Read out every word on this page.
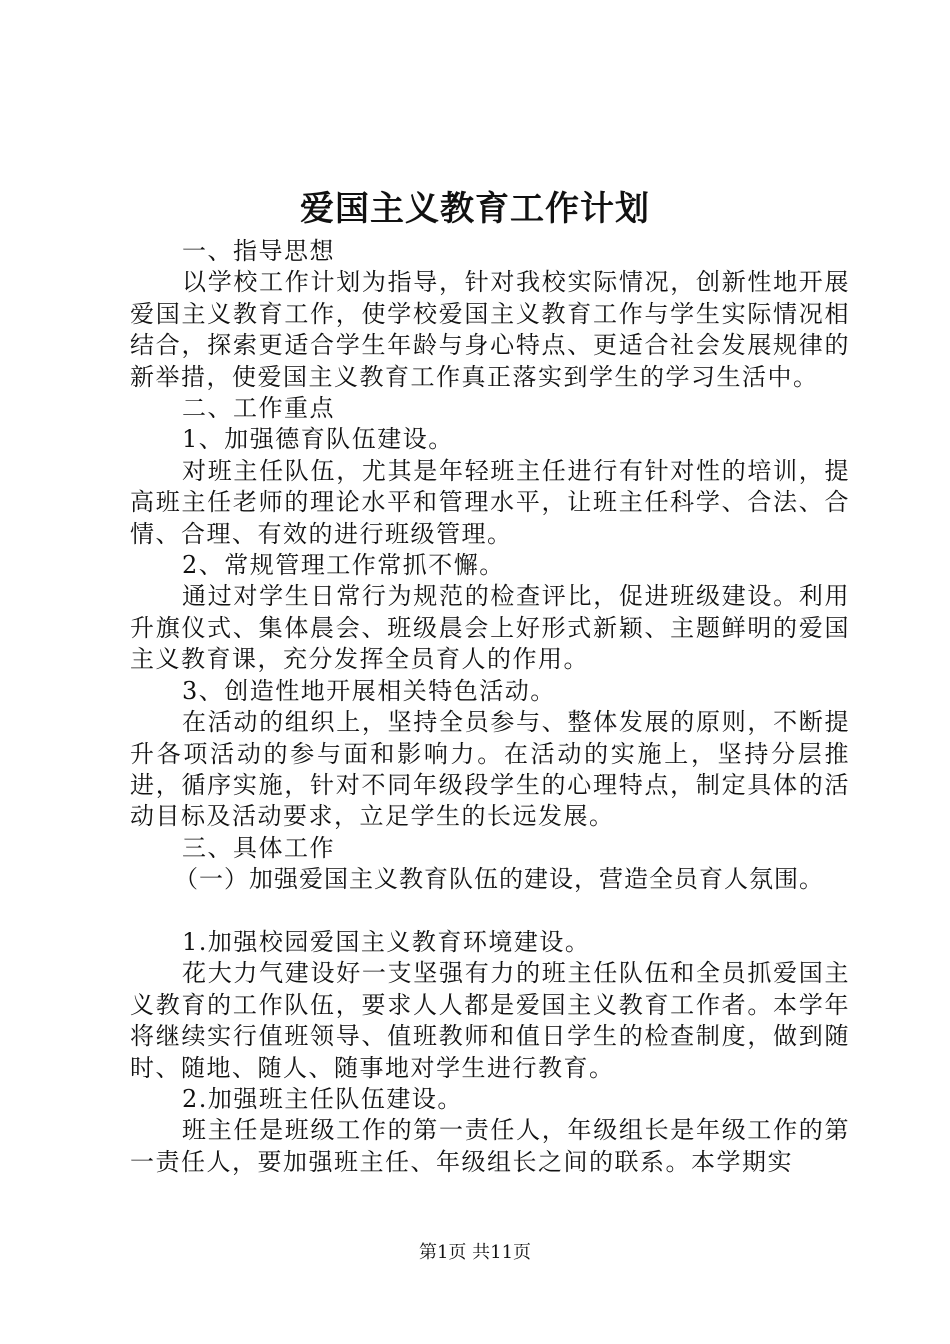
爱国主义教育工作计划

一、指导思想

以学校工作计划为指导，针对我校实际情况，创新性地开展爱国主义教育工作，使学校爱国主义教育工作与学生实际情况相结合，探索更适合学生年龄与身心特点、更适合社会发展规律的新举措，使爱国主义教育工作真正落实到学生的学习生活中。

二、工作重点

1、加强德育队伍建设。

对班主任队伍，尤其是年轻班主任进行有针对性的培训，提高班主任老师的理论水平和管理水平，让班主任科学、合法、合情、合理、有效的进行班级管理。

2、常规管理工作常抓不懈。

通过对学生日常行为规范的检查评比，促进班级建设。利用升旗仪式、集体晨会、班级晨会上好形式新颖、主题鲜明的爱国主义教育课，充分发挥全员育人的作用。

3、创造性地开展相关特色活动。

在活动的组织上，坚持全员参与、整体发展的原则，不断提升各项活动的参与面和影响力。在活动的实施上，坚持分层推进，循序实施，针对不同年级段学生的心理特点，制定具体的活动目标及活动要求，立足学生的长远发展。

三、具体工作

（一）加强爱国主义教育队伍的建设，营造全员育人氛围。

1.加强校园爱国主义教育环境建设。

花大力气建设好一支坚强有力的班主任队伍和全员抓爱国主义教育的工作队伍，要求人人都是爱国主义教育工作者。本学年将继续实行值班领导、值班教师和值日学生的检查制度，做到随时、随地、随人、随事地对学生进行教育。

2.加强班主任队伍建设。

班主任是班级工作的第一责任人，年级组长是年级工作的第一责任人，要加强班主任、年级组长之间的联系。本学期实

第1页 共11页
